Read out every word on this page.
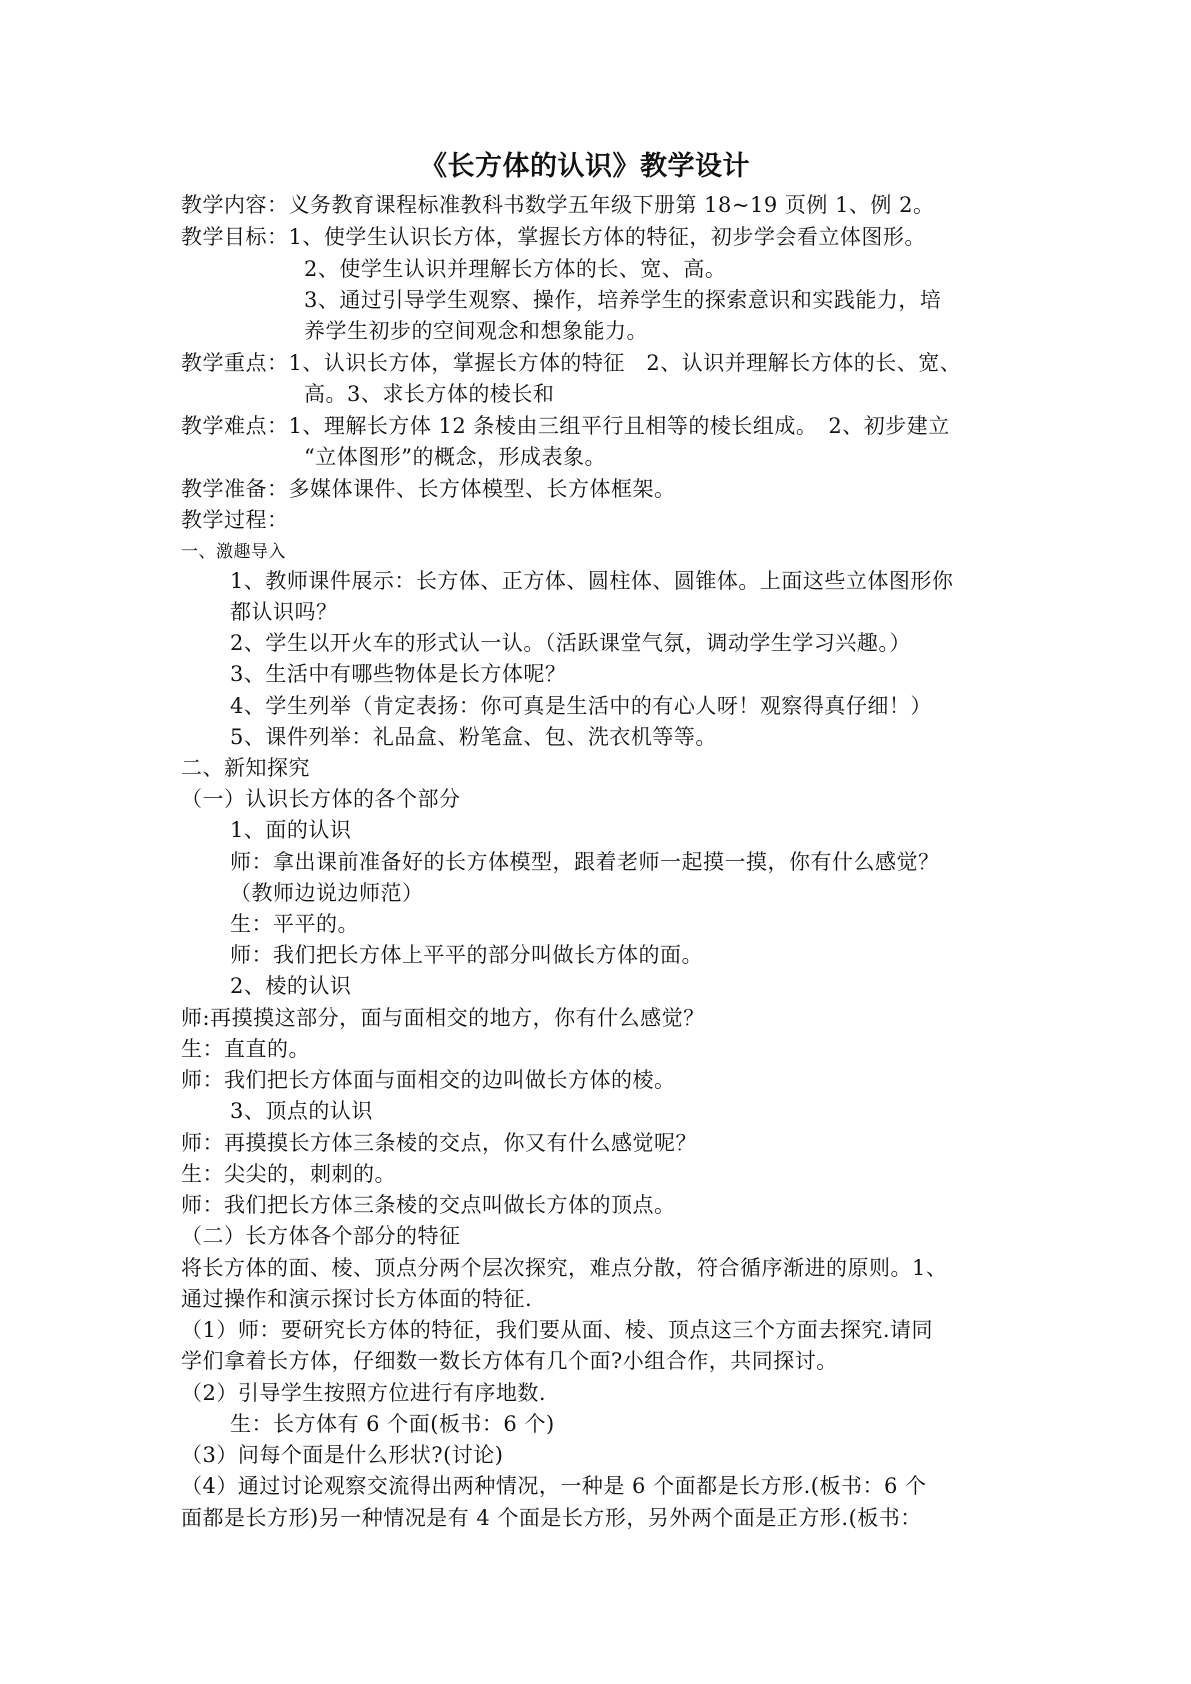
《长方体的认识》教学设计
教学内容：义务教育课程标准教科书数学五年级下册第 18~19 页例 1、例 2。
教学目标：1、使学生认识长方体，掌握长方体的特征，初步学会看立体图形。
2、使学生认识并理解长方体的长、宽、高。
3、通过引导学生观察、操作，培养学生的探索意识和实践能力，培
养学生初步的空间观念和想象能力。
教学重点：1、认识长方体，掌握长方体的特征　2、认识并理解长方体的长、宽、
高。3、求长方体的棱长和
教学难点：1、理解长方体 12 条棱由三组平行且相等的棱长组成。　2、初步建立
“立体图形”的概念，形成表象。
教学准备：多媒体课件、长方体模型、长方体框架。
教学过程：
一、激趣导入
1、教师课件展示：长方体、正方体、圆柱体、圆锥体。上面这些立体图形你
都认识吗？
2、学生以开火车的形式认一认。（活跃课堂气氛，调动学生学习兴趣。）
3、生活中有哪些物体是长方体呢？
4、学生列举（肯定表扬：你可真是生活中的有心人呀！观察得真仔细！）
5、课件列举：礼品盒、粉笔盒、包、洗衣机等等。
二、新知探究
（一）认识长方体的各个部分
1、面的认识
师：拿出课前准备好的长方体模型，跟着老师一起摸一摸，你有什么感觉？
（教师边说边师范）
生：平平的。
师：我们把长方体上平平的部分叫做长方体的面。
2、棱的认识
师:再摸摸这部分，面与面相交的地方，你有什么感觉？
生：直直的。
师：我们把长方体面与面相交的边叫做长方体的棱。
3、顶点的认识
师：再摸摸长方体三条棱的交点，你又有什么感觉呢？
生：尖尖的，刺刺的。
师：我们把长方体三条棱的交点叫做长方体的顶点。
（二）长方体各个部分的特征
将长方体的面、棱、顶点分两个层次探究，难点分散，符合循序渐进的原则。1、
通过操作和演示探讨长方体面的特征.
（1）师：要研究长方体的特征，我们要从面、棱、顶点这三个方面去探究.请同
学们拿着长方体，仔细数一数长方体有几个面?小组合作，共同探讨。
（2）引导学生按照方位进行有序地数.
生：长方体有 6 个面(板书：6 个)
（3）问每个面是什么形状?(讨论)
（4）通过讨论观察交流得出两种情况，一种是 6 个面都是长方形.(板书：6 个
面都是长方形)另一种情况是有 4 个面是长方形，另外两个面是正方形.(板书：
